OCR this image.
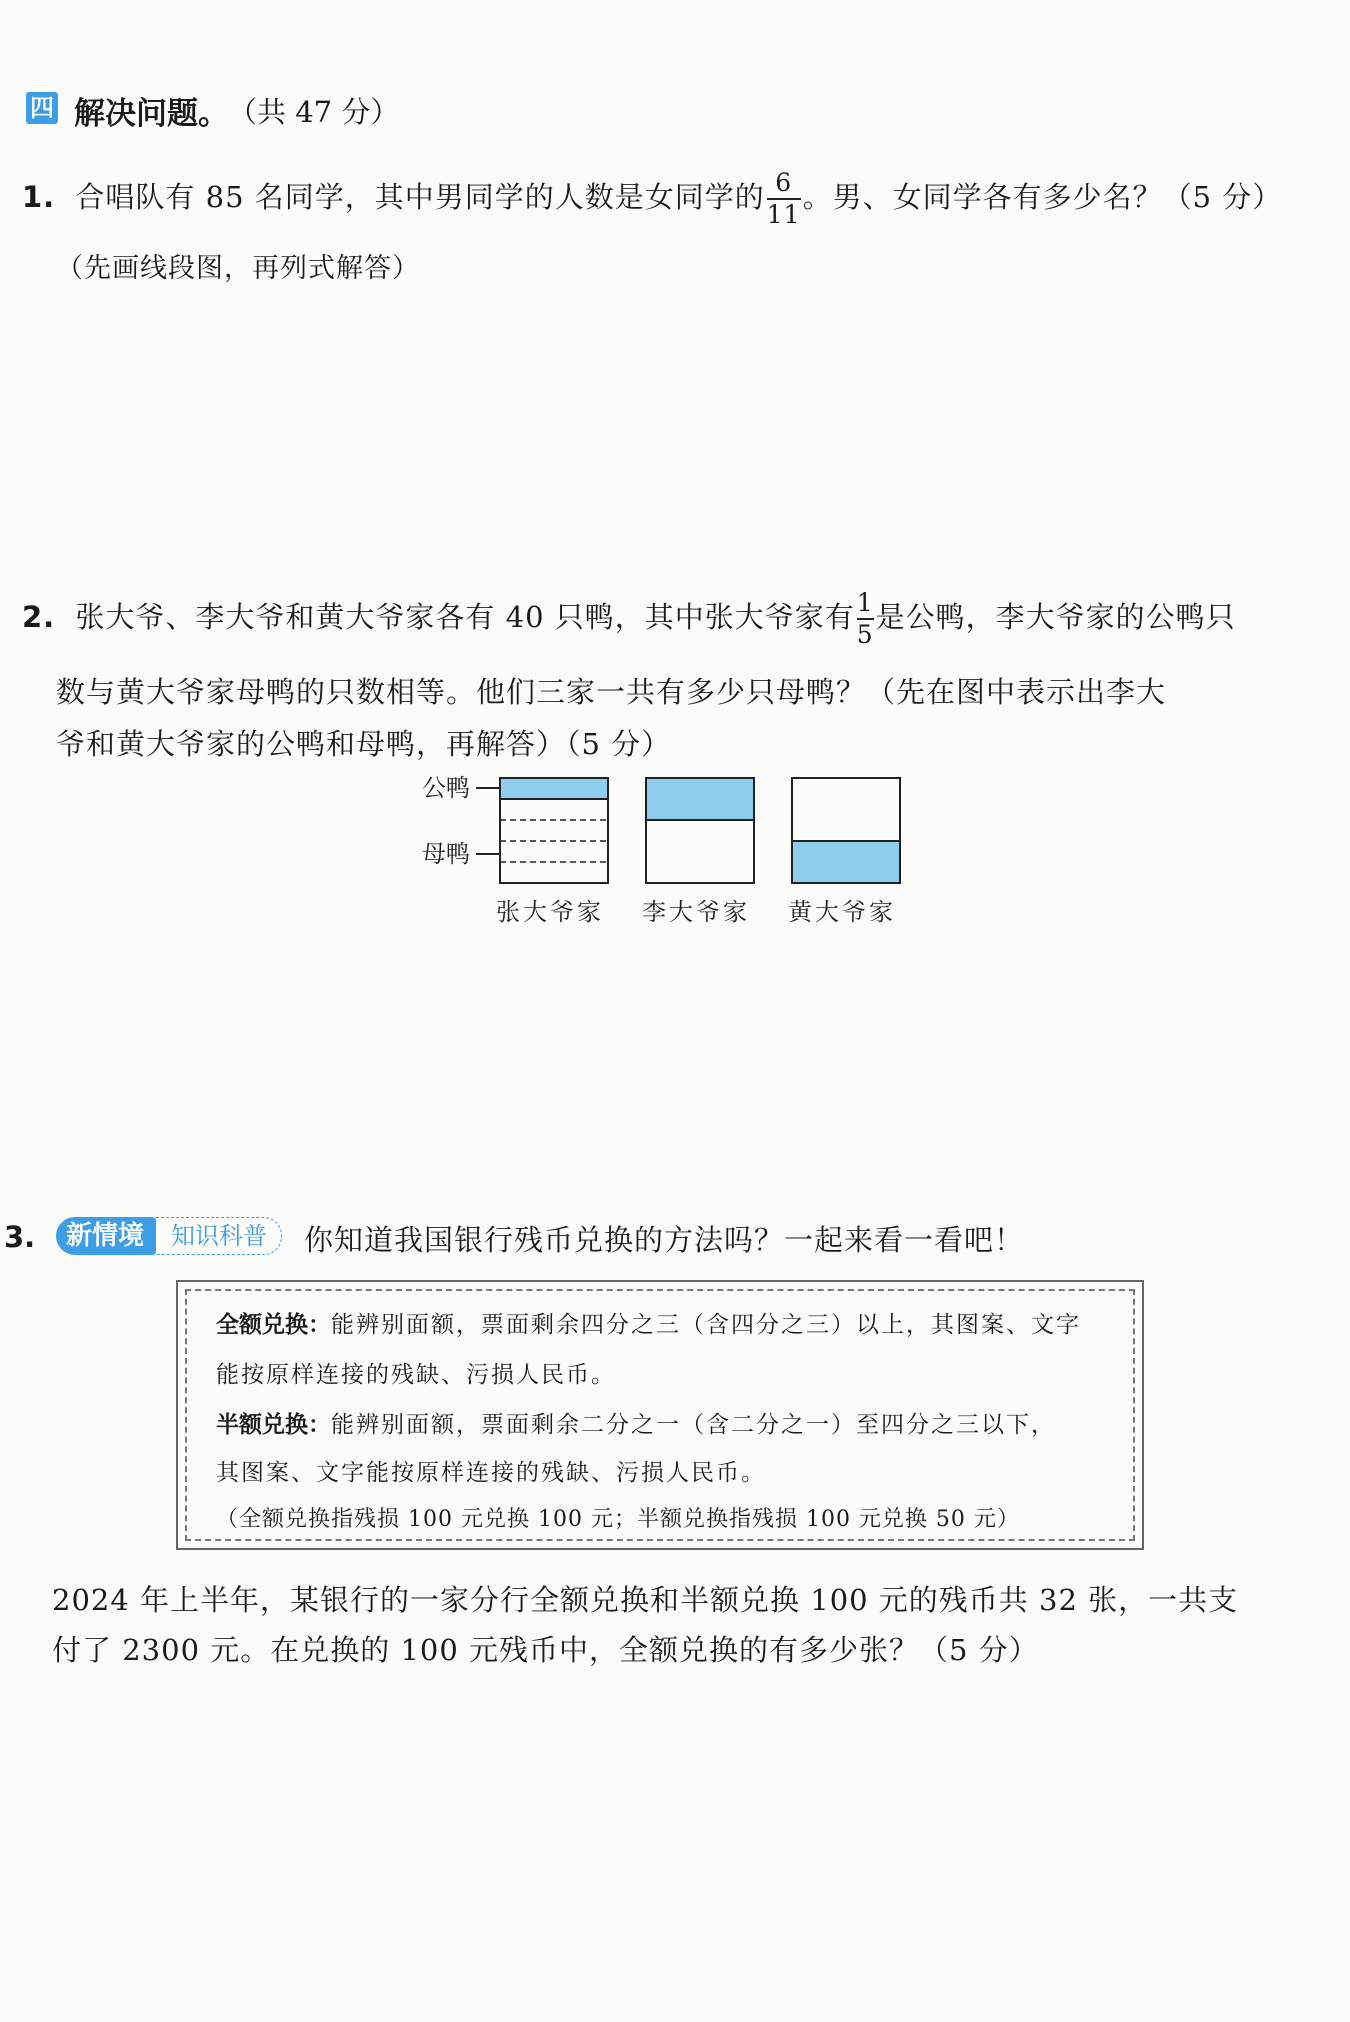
四 解决问题。 （共 47 分）
1. 合唱队有 85 名同学，其中男同学的人数是女同学的 $\frac{6}{11}$ 。男、女同学各有多少名？（5 分）
（先画线段图，再列式解答）
2. 张大爷、李大爷和黄大爷家各有 40 只鸭，其中张大爷家有 $\frac{1}{5}$ 是公鸭，李大爷家的公鸭只
数与黄大爷家母鸭的只数相等。他们三家一共有多少只母鸭？（先在图中表示出李大
爷和黄大爷家的公鸭和母鸭，再解答）（5 分）
公鸭
母鸭
张大爷家 李大爷家 黄大爷家
3.	知识科普
新情境	你知道我国银行残币兑换的方法吗？一起来看一看吧！
全额兑换：能辨别面额，票面剩余四分之三（含四分之三）以上，其图案、文字
能按原样连接的残缺、污损人民币。
半额兑换：能辨别面额，票面剩余二分之一（含二分之一）至四分之三以下，
其图案、文字能按原样连接的残缺、污损人民币。
（全额兑换指残损 100 元兑换 100 元；半额兑换指残损 100 元兑换 50 元）
2024 年上半年，某银行的一家分行全额兑换和半额兑换 100 元的残币共 32 张，一共支
付了 2300 元。在兑换的 100 元残币中，全额兑换的有多少张？（5 分）
